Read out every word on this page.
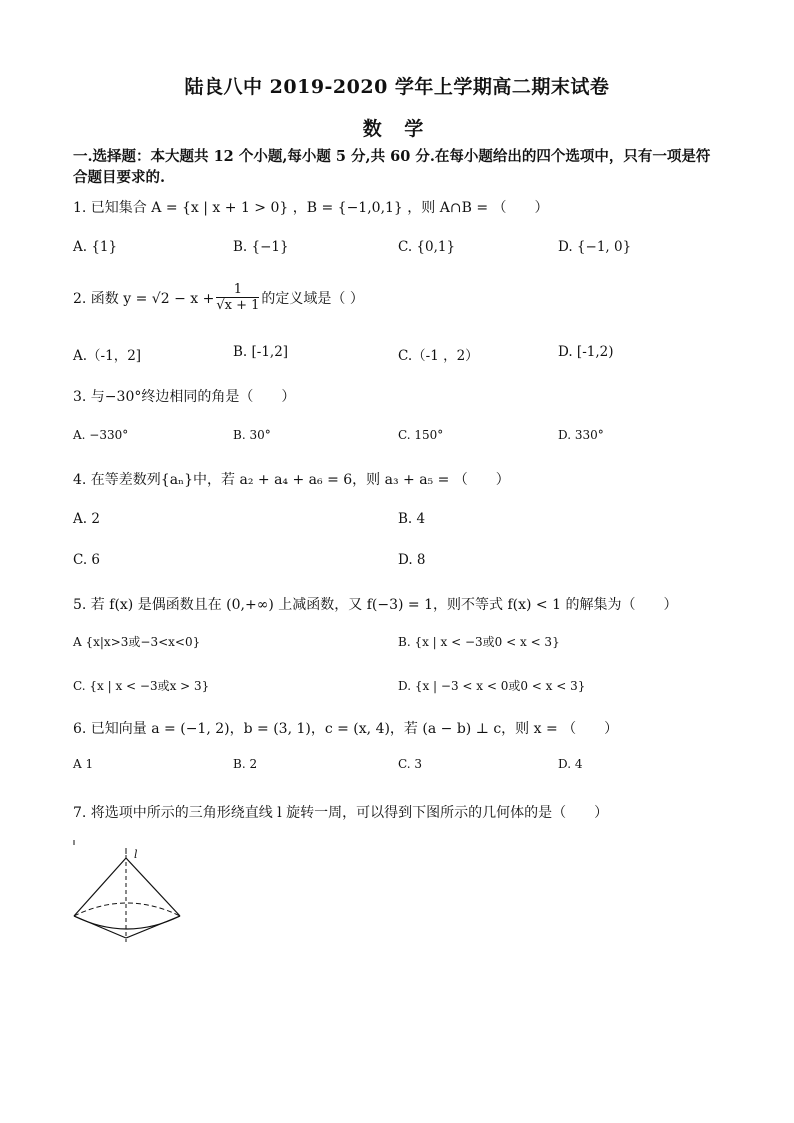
陆良八中 2019-2020 学年上学期高二期末试卷
数 学
一.选择题：本大题共 12 个小题,每小题 5 分,共 60 分.在每小题给出的四个选项中，只有一项是符合题目要求的.
1. 已知集合 A = {x | x + 1 > 0} ，B = {−1,0,1} ，则 A∩B = （　　）
A. {1}	B. {−1}	C. {0,1}	D. {−1, 0}
2. 函数 $y = √2 - x + \frac{1}{√x + 1}$ 的定义域是（ ）
A.（-1，2]	B. [-1,2]	C.（-1 ，2）	D. [-1,2)
3. 与−30°终边相同的角是（　　）
A. −330°	B. 30°	C. 150°	D. 330°
4. 在等差数列{aₙ}中，若 a₂ + a₄ + a₆ = 6，则 a₃ + a₅ = （　　）
A. 2	B. 4
C. 6	D. 8
5. 若 f(x) 是偶函数且在 (0,+∞) 上减函数，又 f(−3) = 1，则不等式 f(x) < 1 的解集为（　　）
A {x|x>3或−3<x<0}	B. {x | x < −3或0 < x < 3}
C. {x | x < −3或x > 3}	D. {x | −3 < x < 0或0 < x < 3}
6. 已知向量 a = (−1, 2)，b = (3, 1)，c = (x, 4)，若 (a − b) ⊥ c，则 x = （　　）
A 1	B. 2	C. 3	D. 4
7. 将选项中所示的三角形绕直线 l 旋转一周，可以得到下图所示的几何体的是（　　）
l
